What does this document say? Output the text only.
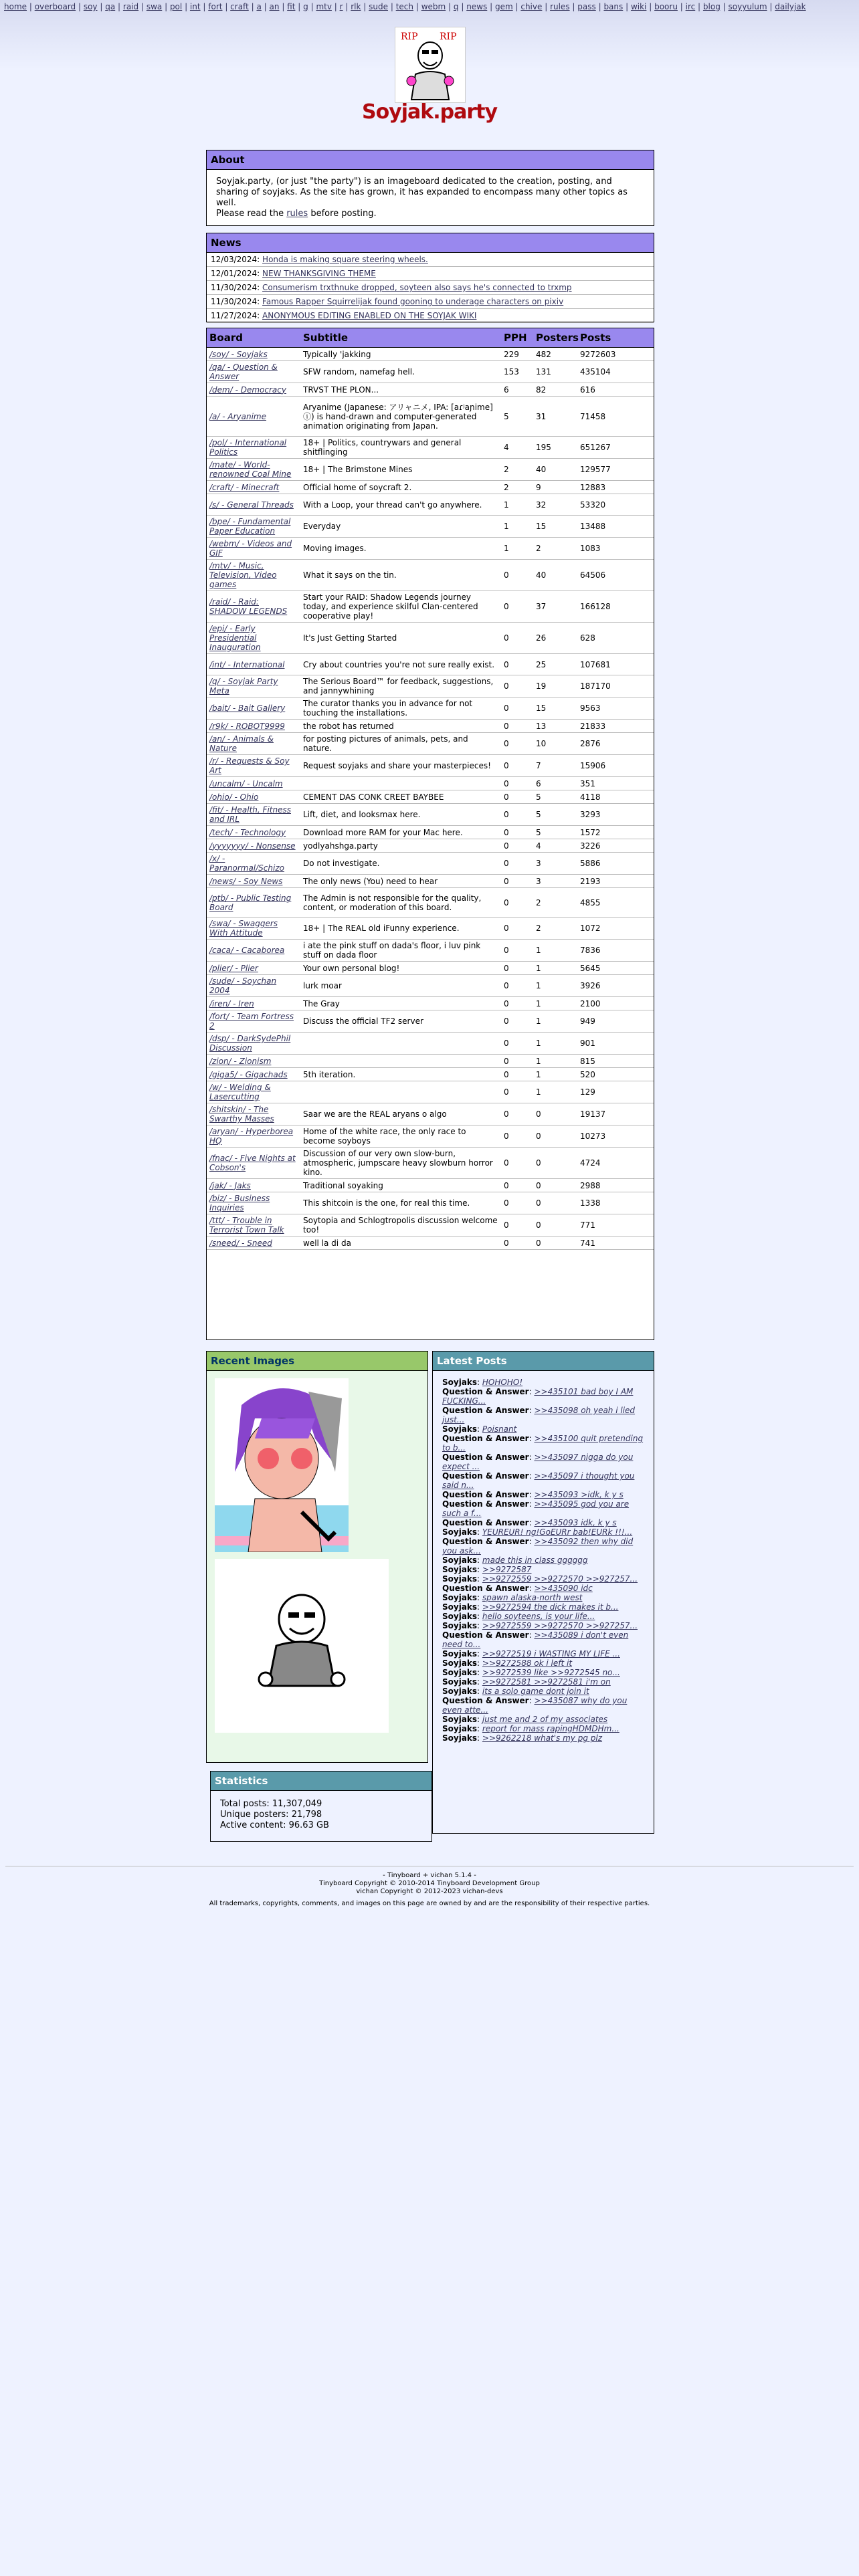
home | overboard | soy | qa | raid | swa | pol | int | fort | craft | a | an | fit | g | mtv | r | rlk | sude | tech | webm | q | news | gem | chive | rules | pass | bans | wiki | booru | irc | blog | soyyulum | dailyjak
RIP RIP
Soyjak.party
About
Soyjak.party, (or just "the party") is an imageboard dedicated to the creation, posting, and sharing of soyjaks. As the site has grown, it has expanded to encompass many other topics as well.
Please read the rules before posting.
News
12/03/2024: Honda is making square steering wheels.
12/01/2024: NEW THANKSGIVING THEME
11/30/2024: Consumerism trxthnuke dropped, soyteen also says he's connected to trxmp
11/30/2024: Famous Rapper Squirrelijak found gooning to underage characters on pixiv
11/27/2024: ANONYMOUS EDITING ENABLED ON THE SOYJAK WIKI
Board	Subtitle	PPH	Posters	Posts
/soy/ - Soyjaks	Typically 'jakking	229	482	9272603
/qa/ - Question & Answer	SFW random, namefag hell.	153	131	435104
/dem/ - Democracy	TRVST THE PLON...	6	82	616
/a/ - Aryanime	Aryanime (Japanese: アリャニメ, IPA: [aɾʲaɲime] ⓘ) is hand-drawn and computer-generated animation originating from Japan.	5	31	71458
/pol/ - International Politics	18+ | Politics, countrywars and general shitflinging	4	195	651267
/mate/ - World-renowned Coal Mine	18+ | The Brimstone Mines	2	40	129577
/craft/ - Minecraft	Official home of soycraft 2.	2	9	12883
/s/ - General Threads	With a Loop, your thread can't go anywhere.	1	32	53320
/bpe/ - Fundamental Paper Education	Everyday	1	15	13488
/webm/ - Videos and GIF	Moving images.	1	2	1083
/mtv/ - Music, Television, Video games	What it says on the tin.	0	40	64506
/raid/ - Raid: SHADOW LEGENDS	Start your RAID: Shadow Legends journey today, and experience skilful Clan-centered cooperative play!	0	37	166128
/epi/ - Early Presidential Inauguration	It's Just Getting Started	0	26	628
/int/ - International	Cry about countries you're not sure really exist.	0	25	107681
/q/ - Soyjak Party Meta	The Serious Board™ for feedback, suggestions, and jannywhining	0	19	187170
/bait/ - Bait Gallery	The curator thanks you in advance for not touching the installations.	0	15	9563
/r9k/ - ROBOT9999	the robot has returned	0	13	21833
/an/ - Animals & Nature	for posting pictures of animals, pets, and nature.	0	10	2876
/r/ - Requests & Soy Art	Request soyjaks and share your masterpieces!	0	7	15906
/uncalm/ - Uncalm		0	6	351
/ohio/ - Ohio	CEMENT DAS CONK CREET BAYBEE	0	5	4118
/fit/ - Health, Fitness and IRL	Lift, diet, and looksmax here.	0	5	3293
/tech/ - Technology	Download more RAM for your Mac here.	0	5	1572
/yyyyyyy/ - Nonsense	yodlyahshga.party	0	4	3226
/x/ - Paranormal/Schizo	Do not investigate.	0	3	5886
/news/ - Soy News	The only news (You) need to hear	0	3	2193
/ptb/ - Public Testing Board	The Admin is not responsible for the quality, content, or moderation of this board.	0	2	4855
/swa/ - Swaggers With Attitude	18+ | The REAL old iFunny experience.	0	2	1072
/caca/ - Cacaborea	i ate the pink stuff on dada's floor, i luv pink stuff on dada floor	0	1	7836
/plier/ - Plier	Your own personal blog!	0	1	5645
/sude/ - Soychan 2004	lurk moar	0	1	3926
/iren/ - Iren	The Gray	0	1	2100
/fort/ - Team Fortress 2	Discuss the official TF2 server	0	1	949
/dsp/ - DarkSydePhil Discussion		0	1	901
/zion/ - Zionism		0	1	815
/giga5/ - Gigachads	5th iteration.	0	1	520
/w/ - Welding & Lasercutting		0	1	129
/shitskin/ - The Swarthy Masses	Saar we are the REAL aryans o algo	0	0	19137
/aryan/ - Hyperborea HQ	Home of the white race, the only race to become soyboys	0	0	10273
/fnac/ - Five Nights at Cobson's	Discussion of our very own slow-burn, atmospheric, jumpscare heavy slowburn horror kino.	0	0	4724
/jak/ - Jaks	Traditional soyaking	0	0	2988
/biz/ - Business Inquiries	This shitcoin is the one, for real this time.	0	0	1338
/ttt/ - Trouble in Terrorist Town Talk	Soytopia and Schlogtropolis discussion welcome too!	0	0	771
/sneed/ - Sneed	well la di da	0	0	741
Recent Images	Latest Posts
Soyjaks: HOHOHO!
Question & Answer: >>435101 bad boy I AM FUCKING...
Question & Answer: >>435098 oh yeah i lied just...
Soyjaks: Poisnant
Question & Answer: >>435100 quit pretending to b...
Question & Answer: >>435097 nigga do you expect ...
Question & Answer: >>435097 i thought you said n...
Question & Answer: >>435093 >idk, k y s
Question & Answer: >>435095 god you are such a f...
Question & Answer: >>435093 idk, k y s
Soyjaks: YEUREUR! ng!GoEURr bab!EURk !!!...
Question & Answer: >>435092 then why did you ask...
Soyjaks: made this in class gggggg
Soyjaks: >>9272587
Soyjaks: >>9272559 >>9272570 >>927257...
Question & Answer: >>435090 idc
Soyjaks: spawn alaska-north west
Soyjaks: >>9272594 the dick makes it b...
Soyjaks: hello soyteens, is your life...
Soyjaks: >>9272559 >>9272570 >>927257...
Question & Answer: >>435089 i don't even need to...
Soyjaks: >>9272519 i WASTING MY LIFE ...
Soyjaks: >>9272588 ok i left it
Soyjaks: >>9272539 like >>9272545 no...
Soyjaks: >>9272581 >>9272581 i'm on
Soyjaks: its a solo game dont join it
Question & Answer: >>435087 why do you even atte...
Soyjaks: just me and 2 of my associates
Soyjaks: report for mass rapingHDMDHm...
Soyjaks: >>9262218 what's my pg plz
Statistics
Total posts: 11,307,049
Unique posters: 21,798
Active content: 96.63 GB
- Tinyboard + vichan 5.1.4 -
Tinyboard Copyright © 2010-2014 Tinyboard Development Group
vichan Copyright © 2012-2023 vichan-devs
All trademarks, copyrights, comments, and images on this page are owned by and are the responsibility of their respective parties.
